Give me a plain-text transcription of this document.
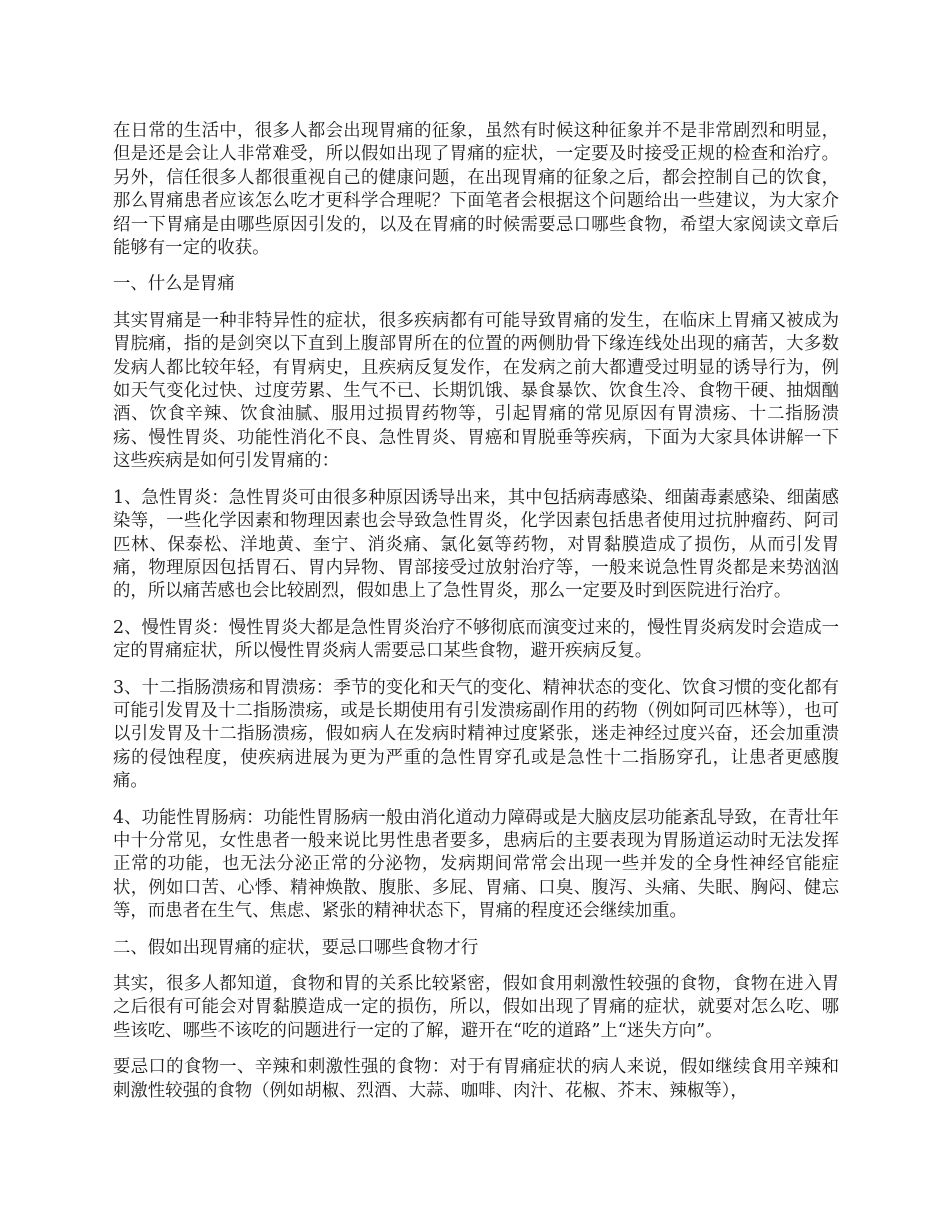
在日常的生活中，很多人都会出现胃痛的征象，虽然有时候这种征象并不是非常剧烈和明显，但是还是会让人非常难受，所以假如出现了胃痛的症状，一定要及时接受正规的检查和治疗。另外，信任很多人都很重视自己的健康问题，在出现胃痛的征象之后，都会控制自己的饮食，那么胃痛患者应该怎么吃才更科学合理呢？下面笔者会根据这个问题给出一些建议，为大家介绍一下胃痛是由哪些原因引发的，以及在胃痛的时候需要忌口哪些食物，希望大家阅读文章后能够有一定的收获。

一、什么是胃痛

其实胃痛是一种非特异性的症状，很多疾病都有可能导致胃痛的发生，在临床上胃痛又被成为胃脘痛，指的是剑突以下直到上腹部胃所在的位置的两侧肋骨下缘连线处出现的痛苦，大多数发病人都比较年轻，有胃病史，且疾病反复发作，在发病之前大都遭受过明显的诱导行为，例如天气变化过快、过度劳累、生气不已、长期饥饿、暴食暴饮、饮食生冷、食物干硬、抽烟酗酒、饮食辛辣、饮食油腻、服用过损胃药物等，引起胃痛的常见原因有胃溃疡、十二指肠溃疡、慢性胃炎、功能性消化不良、急性胃炎、胃癌和胃脱垂等疾病，下面为大家具体讲解一下这些疾病是如何引发胃痛的：

1、急性胃炎：急性胃炎可由很多种原因诱导出来，其中包括病毒感染、细菌毒素感染、细菌感染等，一些化学因素和物理因素也会导致急性胃炎，化学因素包括患者使用过抗肿瘤药、阿司匹林、保泰松、洋地黄、奎宁、消炎痛、氯化氨等药物，对胃黏膜造成了损伤，从而引发胃痛，物理原因包括胃石、胃内异物、胃部接受过放射治疗等，一般来说急性胃炎都是来势汹汹的，所以痛苦感也会比较剧烈，假如患上了急性胃炎，那么一定要及时到医院进行治疗。

2、慢性胃炎：慢性胃炎大都是急性胃炎治疗不够彻底而演变过来的，慢性胃炎病发时会造成一定的胃痛症状，所以慢性胃炎病人需要忌口某些食物，避开疾病反复。

3、十二指肠溃疡和胃溃疡：季节的变化和天气的变化、精神状态的变化、饮食习惯的变化都有可能引发胃及十二指肠溃疡，或是长期使用有引发溃疡副作用的药物（例如阿司匹林等），也可以引发胃及十二指肠溃疡，假如病人在发病时精神过度紧张，迷走神经过度兴奋，还会加重溃疡的侵蚀程度，使疾病进展为更为严重的急性胃穿孔或是急性十二指肠穿孔，让患者更感腹痛。

4、功能性胃肠病：功能性胃肠病一般由消化道动力障碍或是大脑皮层功能紊乱导致，在青壮年中十分常见，女性患者一般来说比男性患者要多，患病后的主要表现为胃肠道运动时无法发挥正常的功能，也无法分泌正常的分泌物，发病期间常常会出现一些并发的全身性神经官能症状，例如口苦、心悸、精神焕散、腹胀、多屁、胃痛、口臭、腹泻、头痛、失眠、胸闷、健忘等，而患者在生气、焦虑、紧张的精神状态下，胃痛的程度还会继续加重。

二、假如出现胃痛的症状，要忌口哪些食物才行

其实，很多人都知道，食物和胃的关系比较紧密，假如食用刺激性较强的食物，食物在进入胃之后很有可能会对胃黏膜造成一定的损伤，所以，假如出现了胃痛的症状，就要对怎么吃、哪些该吃、哪些不该吃的问题进行一定的了解，避开在“吃的道路”上“迷失方向”。

要忌口的食物一、辛辣和刺激性强的食物：对于有胃痛症状的病人来说，假如继续食用辛辣和刺激性较强的食物（例如胡椒、烈酒、大蒜、咖啡、肉汁、花椒、芥末、辣椒等），
